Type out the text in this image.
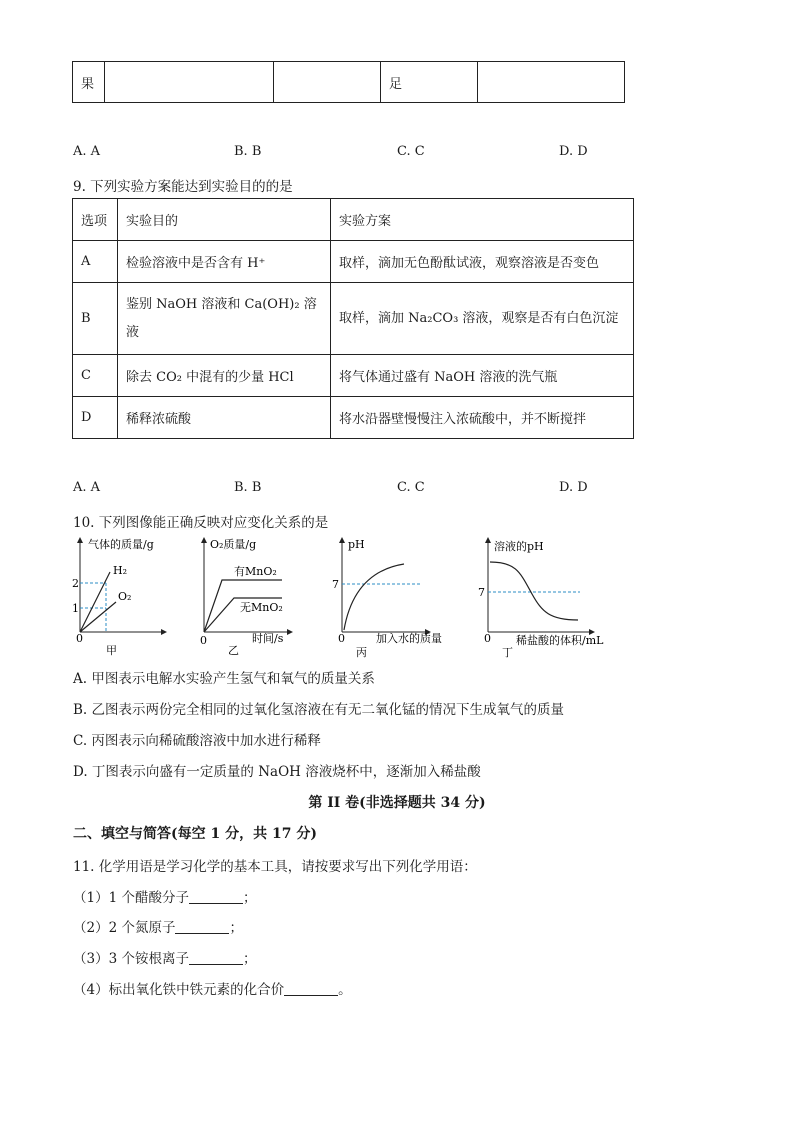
果			足	
A. A	B. B	C. C	D. D
9. 下列实验方案能达到实验目的的是
选项	实验目的	实验方案
A	检验溶液中是否含有 H⁺	取样，滴加无色酚酞试液，观察溶液是否变色
B	鉴别 NaOH 溶液和 Ca(OH)₂ 溶液	取样，滴加 Na₂CO₃ 溶液，观察是否有白色沉淀
C	除去 CO₂ 中混有的少量 HCl	将气体通过盛有 NaOH 溶液的洗气瓶
D	稀释浓硫酸	将水沿器壁慢慢注入浓硫酸中，并不断搅拌
A. A	B. B	C. C	D. D
10. 下列图像能正确反映对应变化关系的是
气体的质量/g
2
1
0
H₂
O₂
甲
O₂质量/g
0
有MnO₂
无MnO₂
时间/s
乙
pH
7
0	加入水的质量
丙
溶液的pH
7
0 稀盐酸的体积/mL
丁
A. 甲图表示电解水实验产生氢气和氧气的质量关系
B. 乙图表示两份完全相同的过氧化氢溶液在有无二氧化锰的情况下生成氧气的质量
C. 丙图表示向稀硫酸溶液中加水进行稀释
D. 丁图表示向盛有一定质量的 NaOH 溶液烧杯中，逐渐加入稀盐酸
第 II 卷(非选择题共 34 分)
二、填空与简答(每空 1 分，共 17 分)
11. 化学用语是学习化学的基本工具，请按要求写出下列化学用语：
（1）1 个醋酸分子	；
（2）2 个氮原子	；
（3）3 个铵根离子	；
（4）标出氧化铁中铁元素的化合价	。
